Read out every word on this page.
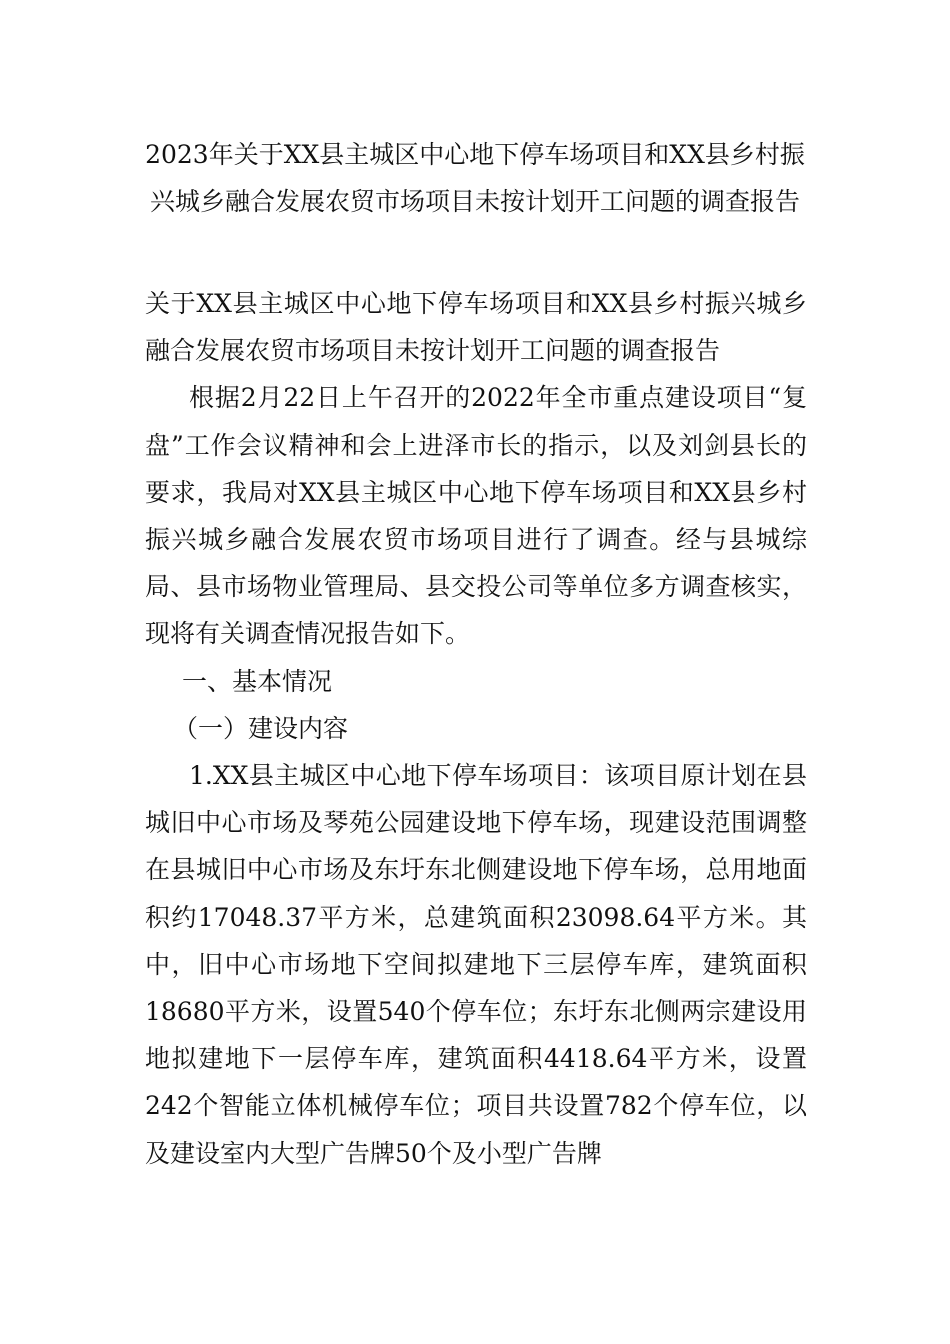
2023年关于XX县主城区中心地下停车场项目和XX县乡村振兴城乡融合发展农贸市场项目未按计划开工问题的调查报告

关于XX县主城区中心地下停车场项目和XX县乡村振兴城乡融合发展农贸市场项目未按计划开工问题的调查报告

根据2月22日上午召开的2022年全市重点建设项目“复盘”工作会议精神和会上进泽市长的指示，以及刘剑县长的要求，我局对XX县主城区中心地下停车场项目和XX县乡村振兴城乡融合发展农贸市场项目进行了调查。经与县城综局、县市场物业管理局、县交投公司等单位多方调查核实，现将有关调查情况报告如下。

一、基本情况

（一）建设内容

1.XX县主城区中心地下停车场项目：该项目原计划在县城旧中心市场及琴苑公园建设地下停车场，现建设范围调整在县城旧中心市场及东圩东北侧建设地下停车场，总用地面积约17048.37平方米，总建筑面积23098.64平方米。其中，旧中心市场地下空间拟建地下三层停车库，建筑面积18680平方米，设置540个停车位；东圩东北侧两宗建设用地拟建地下一层停车库，建筑面积4418.64平方米，设置242个智能立体机械停车位；项目共设置782个停车位，以及建设室内大型广告牌50个及小型广告牌
